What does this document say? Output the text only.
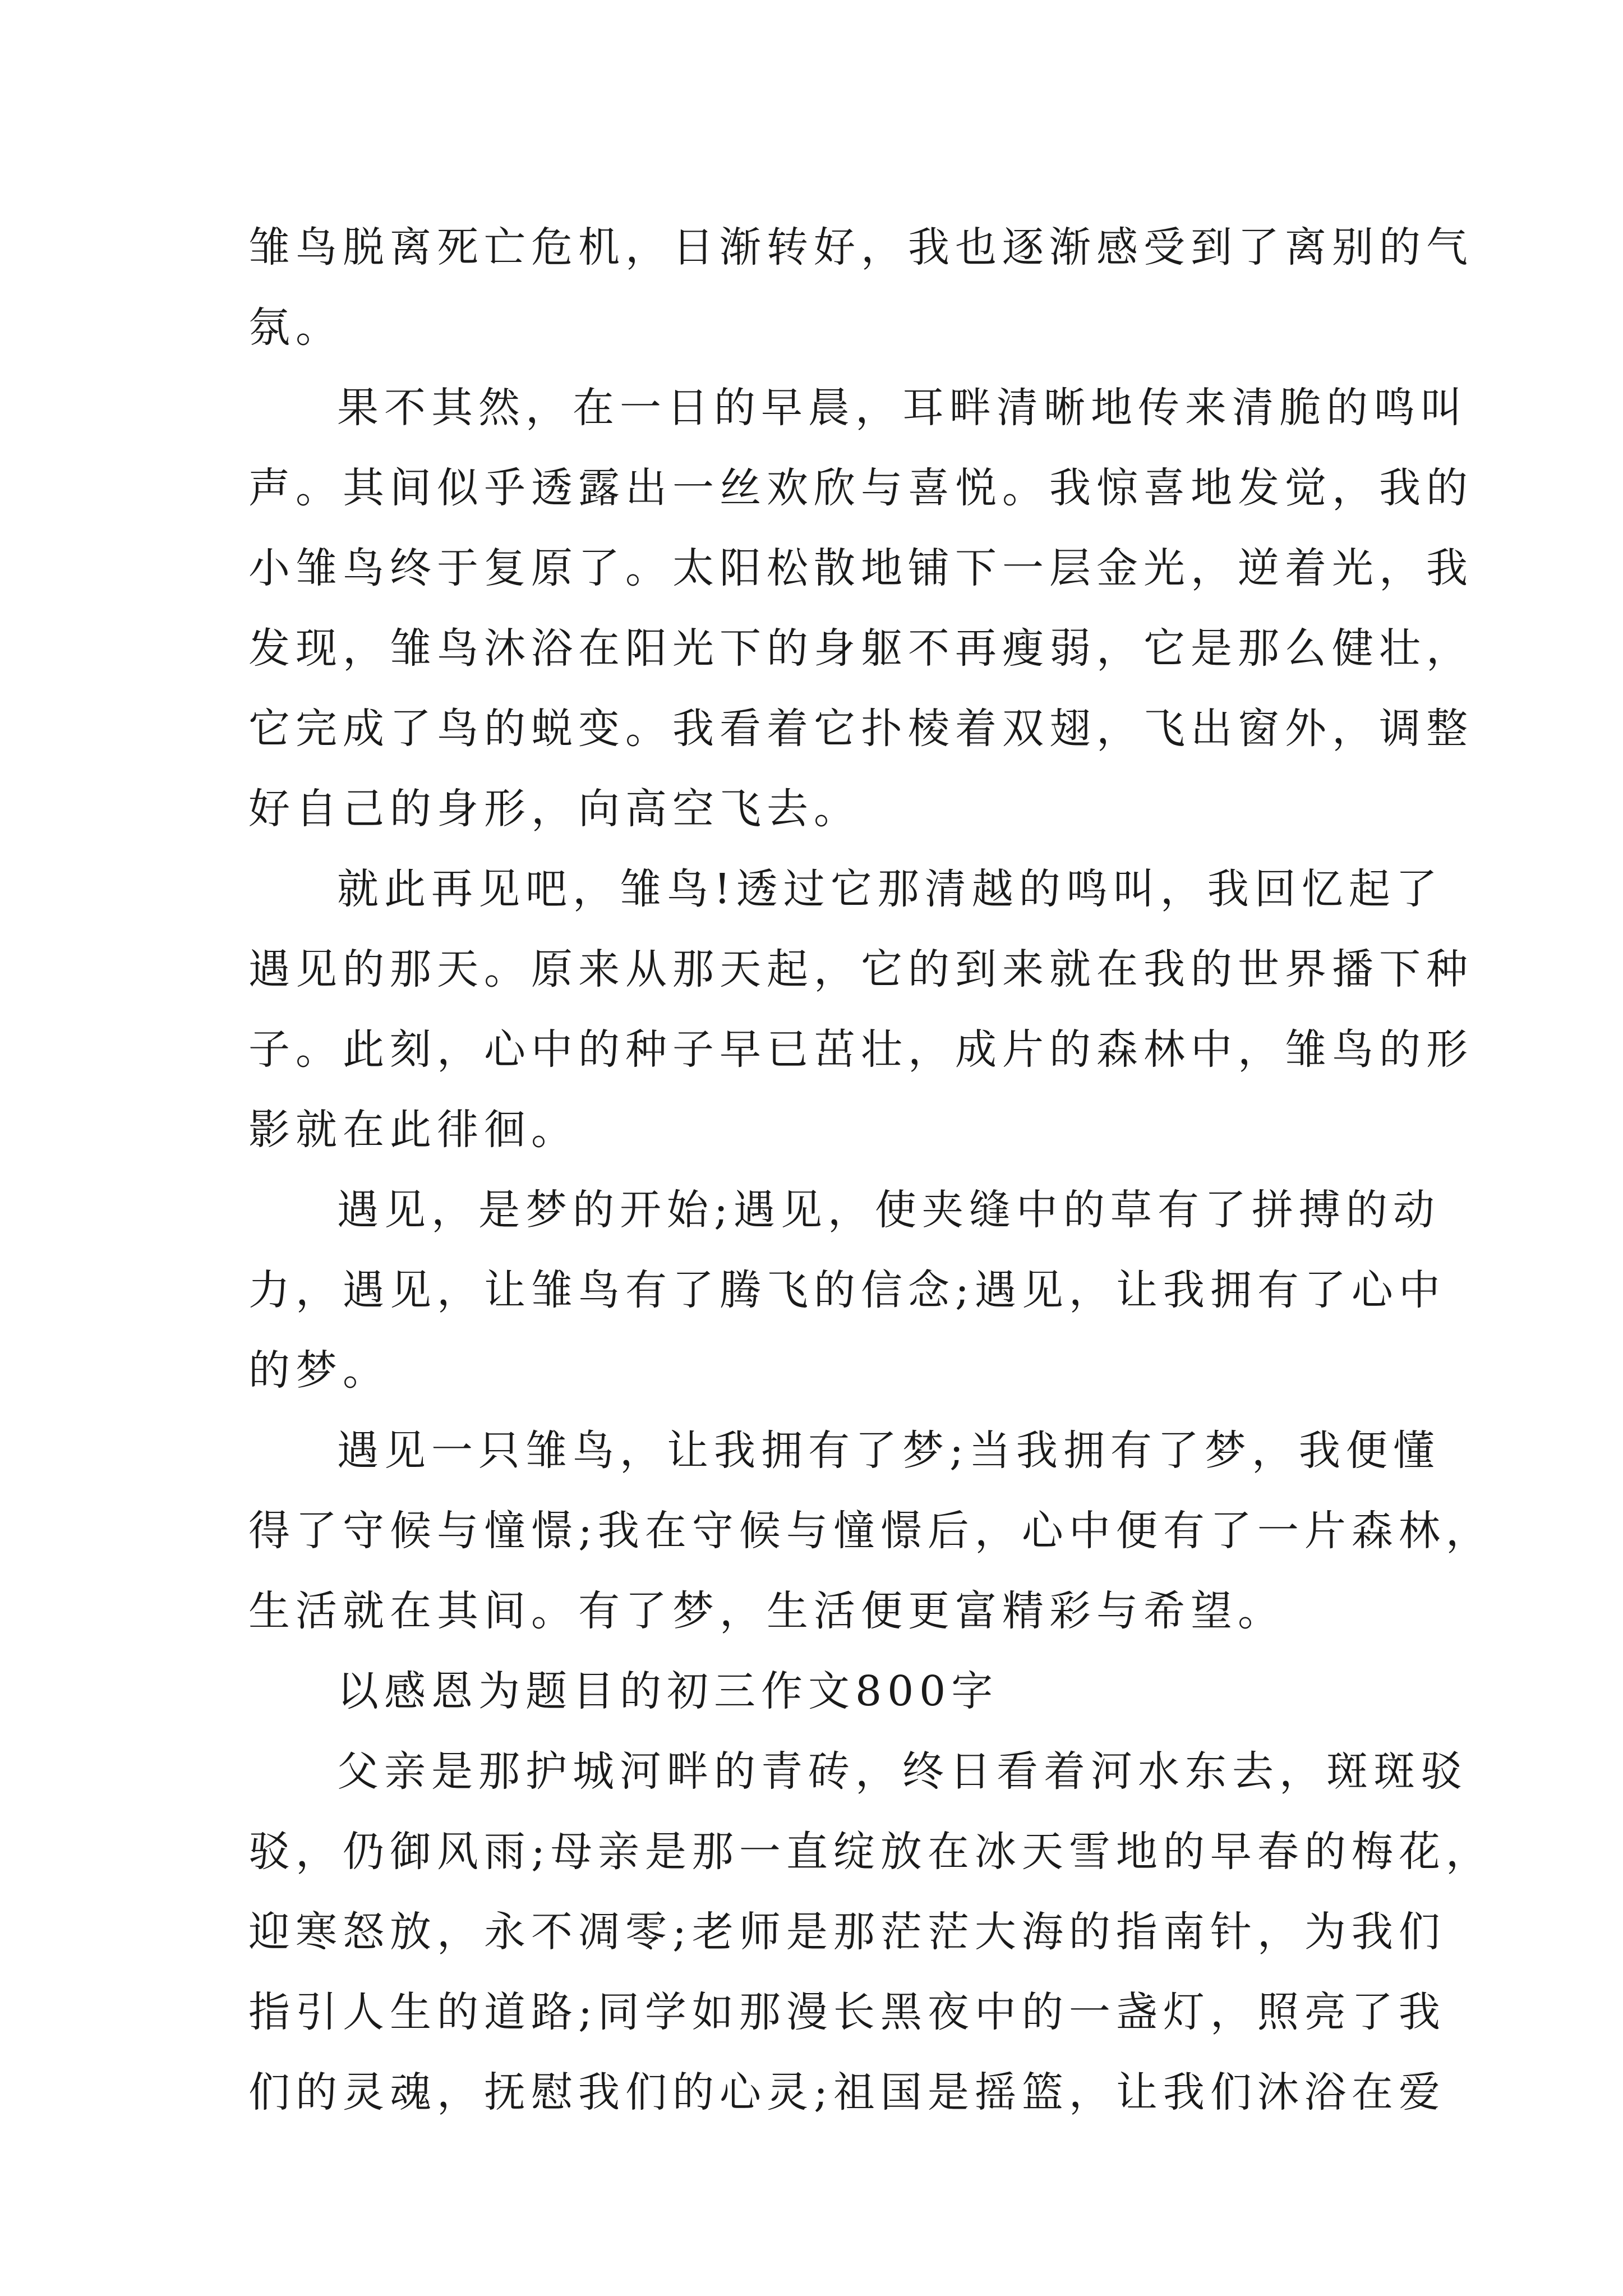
雏鸟脱离死亡危机，日渐转好，我也逐渐感受到了离别的气
氛。
果不其然，在一日的早晨，耳畔清晰地传来清脆的鸣叫
声。其间似乎透露出一丝欢欣与喜悦。我惊喜地发觉，我的
小雏鸟终于复原了。太阳松散地铺下一层金光，逆着光，我
发现，雏鸟沐浴在阳光下的身躯不再瘦弱，它是那么健壮，
它完成了鸟的蜕变。我看着它扑棱着双翅，飞出窗外，调整
好自己的身形，向高空飞去。
就此再见吧，雏鸟!透过它那清越的鸣叫，我回忆起了
遇见的那天。原来从那天起，它的到来就在我的世界播下种
子。此刻，心中的种子早已茁壮，成片的森林中，雏鸟的形
影就在此徘徊。
遇见，是梦的开始;遇见，使夹缝中的草有了拼搏的动
力，遇见，让雏鸟有了腾飞的信念;遇见，让我拥有了心中
的梦。
遇见一只雏鸟，让我拥有了梦;当我拥有了梦，我便懂
得了守候与憧憬;我在守候与憧憬后，心中便有了一片森林，
生活就在其间。有了梦，生活便更富精彩与希望。
以感恩为题目的初三作文800字
父亲是那护城河畔的青砖，终日看着河水东去，斑斑驳
驳，仍御风雨;母亲是那一直绽放在冰天雪地的早春的梅花，
迎寒怒放，永不凋零;老师是那茫茫大海的指南针，为我们
指引人生的道路;同学如那漫长黑夜中的一盏灯，照亮了我
们的灵魂，抚慰我们的心灵;祖国是摇篮，让我们沐浴在爱
